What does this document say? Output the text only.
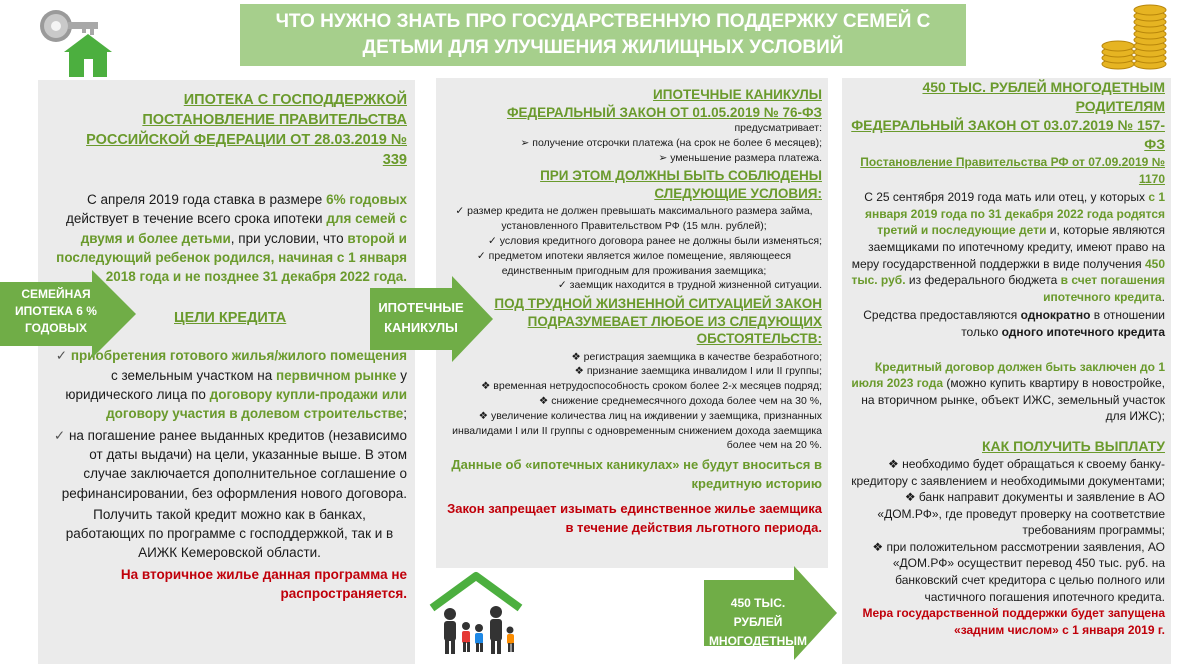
ЧТО НУЖНО ЗНАТЬ ПРО ГОСУДАРСТВЕННУЮ ПОДДЕРЖКУ СЕМЕЙ С ДЕТЬМИ ДЛЯ УЛУЧШЕНИЯ ЖИЛИЩНЫХ УСЛОВИЙ

ИПОТЕКА С ГОСПОДДЕРЖКОЙ ПОСТАНОВЛЕНИЕ ПРАВИТЕЛЬСТВА РОССИЙСКОЙ ФЕДЕРАЦИИ ОТ 28.03.2019 № 339

С апреля 2019 года ставка в размере 6% годовых действует в течение всего срока ипотеки для семей с двумя и более детьми, при условии, что второй и последующий ребенок родился, начиная с 1 января 2018 года и не позднее 31 декабря 2022 года.

ЦЕЛИ КРЕДИТА

✓ приобретения готового жилья/жилого помещения с земельным участком на первичном рынке у юридического лица по договору купли-продажи или договору участия в долевом строительстве;

✓ на погашение ранее выданных кредитов (независимо от даты выдачи) на цели, указанные выше. В этом случае заключается дополнительное соглашение о рефинансировании, без оформления нового договора.

Получить такой кредит можно как в банках, работающих по программе с господдержкой, так и в АИЖК Кемеровской области.

На вторичное жилье данная программа не распространяется.

ИПОТЕЧНЫЕ КАНИКУЛЫ

ФЕДЕРАЛЬНЫЙ ЗАКОН ОТ 01.05.2019 № 76-ФЗ

предусматривает:

➢ получение отсрочки платежа (на срок не более 6 месяцев);

➢ уменьшение размера платежа.

ПРИ ЭТОМ ДОЛЖНЫ БЫТЬ СОБЛЮДЕНЫ СЛЕДУЮЩИЕ УСЛОВИЯ:

✓ размер кредита не должен превышать максимального размера займа, установленного Правительством РФ (15 млн. рублей);

✓ условия кредитного договора ранее не должны были изменяться;

✓ предметом ипотеки является жилое помещение, являющееся единственным пригодным для проживания заемщика;

✓ заемщик находится в трудной жизненной ситуации.

ПОД ТРУДНОЙ ЖИЗНЕННОЙ СИТУАЦИЕЙ ЗАКОН ПОДРАЗУМЕВАЕТ ЛЮБОЕ ИЗ СЛЕДУЮЩИХ ОБСТОЯТЕЛЬСТВ:

❖ регистрация заемщика в качестве безработного;

❖ признание заемщика инвалидом I или II группы;

❖ временная нетрудоспособность сроком более 2-х месяцев подряд;

❖ снижение среднемесячного дохода более чем на 30 %,

❖ увеличение количества лиц на иждивении у заемщика, признанных инвалидами I или II группы с одновременным снижением дохода заемщика более чем на 20 %.

Данные об «ипотечных каникулах» не будут вноситься в кредитную историю

Закон запрещает изымать единственное жилье заемщика в течение действия льготного периода.

450 ТЫС. РУБЛЕЙ МНОГОДЕТНЫМ РОДИТЕЛЯМ

ФЕДЕРАЛЬНЫЙ ЗАКОН ОТ 03.07.2019 № 157-ФЗ

Постановление Правительства РФ от 07.09.2019 № 1170

С 25 сентября 2019 года мать или отец, у которых с 1 января 2019 года по 31 декабря 2022 года родятся третий и последующие дети и, которые являются заемщиками по ипотечному кредиту, имеют право на меру государственной поддержки в виде получения 450 тыс. руб. из федерального бюджета в счет погашения ипотечного кредита.

Средства предоставляются однократно в отношении только одного ипотечного кредита

Кредитный договор должен быть заключен до 1 июля 2023 года (можно купить квартиру в новостройке, на вторичном рынке, объект ИЖС, земельный участок для ИЖС);

КАК ПОЛУЧИТЬ ВЫПЛАТУ

❖ необходимо будет обращаться к своему банку-кредитору с заявлением и необходимыми документами;

❖ банк направит документы и заявление в АО «ДОМ.РФ», где проведут проверку на соответствие требованиям программы;

❖ при положительном рассмотрении заявления, АО «ДОМ.РФ» осуществит перевод 450 тыс. руб. на банковский счет кредитора с целью полного или частичного погашения ипотечного кредита.

Мера государственной поддержки будет запущена «задним числом» с 1 января 2019 г.

СЕМЕЙНАЯ ИПОТЕКА 6 % ГОДОВЫХ
ИПОТЕЧНЫЕ КАНИКУЛЫ
450 ТЫС. РУБЛЕЙ МНОГОДЕТНЫМ
